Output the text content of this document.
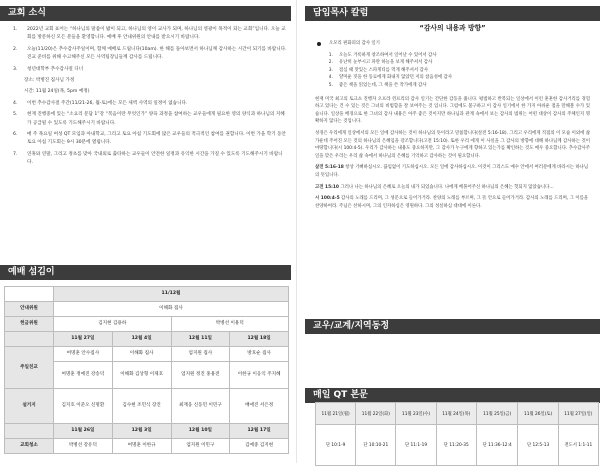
교회 소식
1.	2022년 교회 표어는 “하나님의 말씀이 밟이 되고, 하나님의 영이 교사가 되며, 하나님의 영광이 목적이 되는 교회”입니다. 오늘 교회를 방문하신 모든 분들을 환영합니다. 예배 후 안내위원의 안내를 받으시기 바랍니다.
2.	오늘(11/20)은 추수감사주일이며, 함께 예배로 드립니다(10am). 한 해를 돌아보면서 하나님께 감사하는 시간이 되기를 바랍니다. 진교 준비를 위해 수고해주신 모든 사역팀장님들께 감사를 드립니다.
3.	청년대학부 추수감사절 디너
장소: 박병진 집사님 가정
시간: 11월 24일(목, 5pm 예정)
4.	이번 추수감사절 주간(11/21-26, 월-토)에는 모든 새벽 사역의 일정이 없습니다.
5.	현재 진행중에 있는 “소요리 문답 1”강 “복음이란 무엇인가” 양육 과정을 참여하는 교우들에게 필요한 영의 양식과 하나님의 지혜가 공급될 수 있도록 기도해주시기 바랍니다.
6.	매 주 목요일 여성 QT 모임과 아내학교, 그리고 토요 아침 기도회에 많은 교우들의 적극적인 참여를 권합니다. 이번 가을 학기 동안 토요 아침 기도회는 9시 30분에 열립니다.
7.	연휴와 연말, 그리고 정초를 맞아 국내외로 출타하는 교우들이 안전한 일정과 유익한 시간을 가질 수 있도록 기도해주시기 바랍니다.
예배 섬김이
	11/12월			
안내위원	이해화 집사			
헌금위원	김지현 김용하		박병선 이용덕	
	11월 27일	12월 4일	12월 11일	12월 18일
주일친교	여명훈 안수집사	이해화 집사	엄지원 집사	방호순 집사
	여명훈 정예진 강송덕	이해화 김상형 이제호	엄지원 정진 홍용전	이한규 이응익 주지혜
설거지	김지호 이준오 신명환	김수현 조민식 장진	최재웅 신동민 이민구	배애진 서은정
	11월 26일	12월 3일	12월 10일	12월 17일
교회청소	박병선 강유덕	여명훈 이한규	엄지원 이민구	김예중 김지현
담임목사 칼럼
“감사의 내용과 방향”
오모리 편화피의 감사 일기
1.	오늘도 거룩하게 창조하여서 일어날 수 있어서 감사
2.	유난히 눈부시고 파란 하늘을 보게 해주셔서 감사
3.	점심 때 맛있는 스파게티를 먹게 해주셔서 감사
4.	얄미운 짓을 한 동료에게 화내지 않았던 저의 참음성에 감사
5.	좋은 책을 읽었는데, 그 책을 쓴 작가에게 감사
현재 미국 최고의 토크쇼 진행자 오프라 윈프리의 감사 일기는 간단한 감동을 줍니다. 평범하고 반복되는 일상에서 이런 훈훈한 감사거리를 경험하고 있다는 건 수 있는 것은 그녀의 비범함을 잘 보여주는 것 입니다. 그럼에도 불구하고 이 감사 일기에서 한 가지 아쉬운 점을 말해볼 수가 있습니다. 일상을 배경으로 한 그녀의 감사 내용은 아주 좋은 것이지만 하나님과 관계 속에서 보는 감사의 범위는 어떤 대상이 감사의 주체인지 명확하지 않다는 것입니다.
성경은 우리에게 일상에서의 모든 일에 감사하는 것이 하나님의 뜻이라고 말씀합니다(살전 5:16-18). 그리고 우리에게 직접의 이 모습 이외에 삶 가운데 주어진 모든 것의 하나님의 은혜임을 강조합니다(고전 15:10). 또한 우리 에게 이 사실을 그 감사의 방향에 대해 하나님께 감사하는 것이 마땅합니다(시 100:4-5). 우리가 감사하는 내용도 중요하지만, 그 감사가 누구에게 향하고 있는가를 확인하는 것도 매우 중요합니다. 추수감사주일을 맞은 우리는 우리 삶 속에서 하나님의 은혜를 기억하고 감사하는 것이 필요합니다.
살전 5:16-18 항상 기뻐하십시오. 끊임없이 기도하십시오. 모든 일에 감사하십시오. 이것이 그리스도 예수 안에서 여러분에게 바라시는 하나님의 뜻입니다.
고전 15:10 그러나 나는 하나님의 은혜로 오늘의 내가 되었습니다. 나에게 베풀어주신 하나님의 은혜는 헛되지 않았습니다...
시 100:4-5 감사의 노래를 드리며, 그 성문으로 들어가거라. 찬양의 노래를 부르며, 그 뜰 안으로 들어가거라. 감사의 노래를 드리며, 그 이름을 찬양하여라. 주님은 선하시며, 그의 인자하심은 영원하다. 그의 성실하심 대대에 이른다.
교우/교계/지역동정
매일 QT 본문
11월 21일(월)	11월 22일(화)	11월 23일(수)	11월 24일(목)	11월 25일(금)	11월 26일(토)	11월 27일(일)
단 10:1-9	단 10:10-21	단 11:1-19	단 11:20-35	단 11:36-12:4	단 12:5-13	전도서 1:1-11
